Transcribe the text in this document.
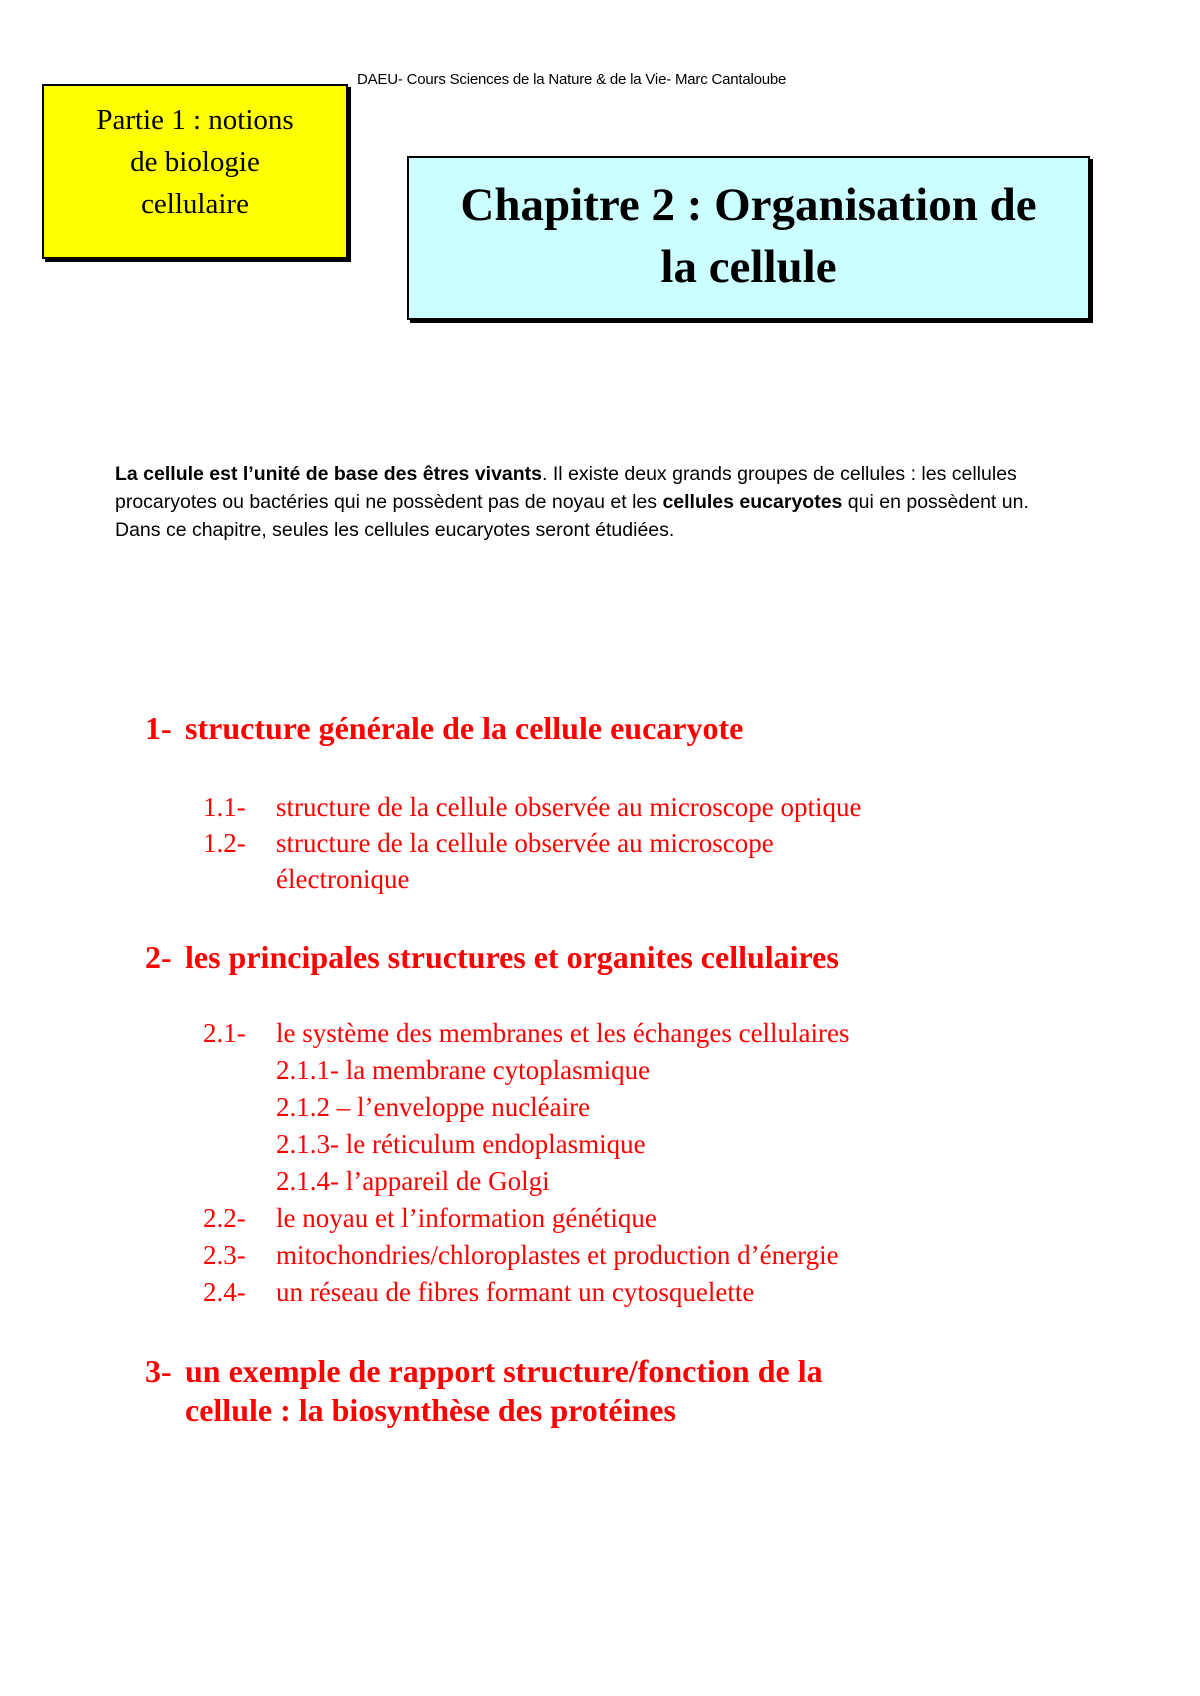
DAEU- Cours Sciences de la Nature & de la Vie- Marc Cantaloube
Partie 1 : notions
de biologie
cellulaire	Chapitre 2 : Organisation de
la cellule

La cellule est l’unité de base des êtres vivants. Il existe deux grands groupes de cellules : les cellules procaryotes ou bactéries qui ne possèdent pas de noyau et les cellules eucaryotes qui en possèdent un. Dans ce chapitre, seules les cellules eucaryotes seront étudiées.

1- structure générale de la cellule eucaryote
1.1- structure de la cellule observée au microscope optique
1.2- structure de la cellule observée au microscope
électronique
2- les principales structures et organites cellulaires
2.1- le système des membranes et les échanges cellulaires
2.1.1- la membrane cytoplasmique
2.1.2 – l’enveloppe nucléaire
2.1.3- le réticulum endoplasmique
2.1.4- l’appareil de Golgi
2.2- le noyau et l’information génétique
2.3- mitochondries/chloroplastes et production d’énergie
2.4- un réseau de fibres formant un cytosquelette
3- un exemple de rapport structure/fonction de la
cellule : la biosynthèse des protéines
